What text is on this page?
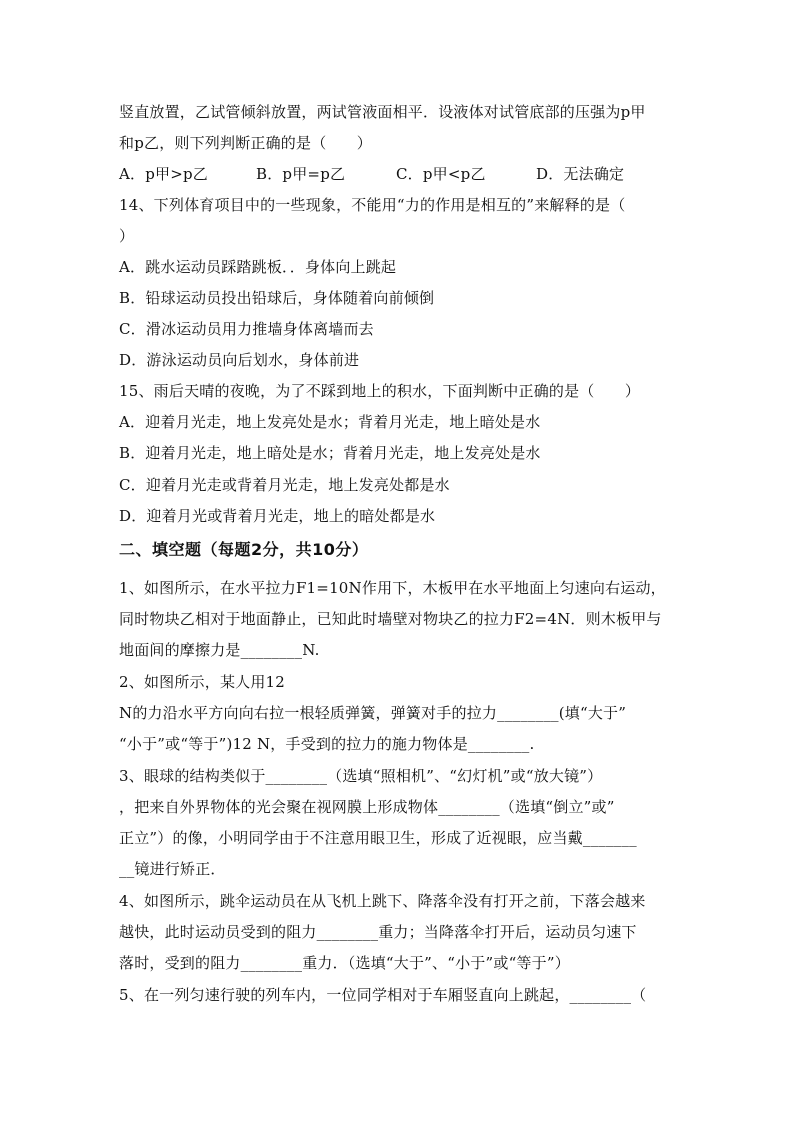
竖直放置，乙试管倾斜放置，两试管液面相平．设液体对试管底部的压强为p甲
和p乙，则下列判断正确的是（　　）
A．p甲>p乙	B．p甲=p乙	C．p甲<p乙	D．无法确定
14、下列体育项目中的一些现象，不能用“力的作用是相互的”来解释的是（
）
A．跳水运动员踩踏跳板．．身体向上跳起
B．铅球运动员投出铅球后，身体随着向前倾倒
C．滑冰运动员用力推墙身体离墙而去
D．游泳运动员向后划水，身体前进
15、雨后天晴的夜晚，为了不踩到地上的积水，下面判断中正确的是（　　）
A．迎着月光走，地上发亮处是水；背着月光走，地上暗处是水
B．迎着月光走，地上暗处是水；背着月光走，地上发亮处是水
C．迎着月光走或背着月光走，地上发亮处都是水
D．迎着月光或背着月光走，地上的暗处都是水
二、填空题（每题2分，共10分）
1、如图所示，在水平拉力F1=10N作用下，木板甲在水平地面上匀速向右运动，
同时物块乙相对于地面静止，已知此时墙壁对物块乙的拉力F2=4N．则木板甲与
地面间的摩擦力是________N.
2、如图所示，某人用12
N的力沿水平方向向右拉一根轻质弹簧，弹簧对手的拉力________(填“大于”
“小于”或“等于”)12 N，手受到的拉力的施力物体是________.
3、眼球的结构类似于________（选填“照相机”、“幻灯机”或“放大镜”）
，把来自外界物体的光会聚在视网膜上形成物体________（选填“倒立”或”
正立”）的像，小明同学由于不注意用眼卫生，形成了近视眼，应当戴_______
__镜进行矫正．
4、如图所示，跳伞运动员在从飞机上跳下、降落伞没有打开之前，下落会越来
越快，此时运动员受到的阻力________重力；当降落伞打开后，运动员匀速下
落时，受到的阻力________重力．（选填“大于”、“小于”或“等于”）
5、在一列匀速行驶的列车内，一位同学相对于车厢竖直向上跳起，________（
